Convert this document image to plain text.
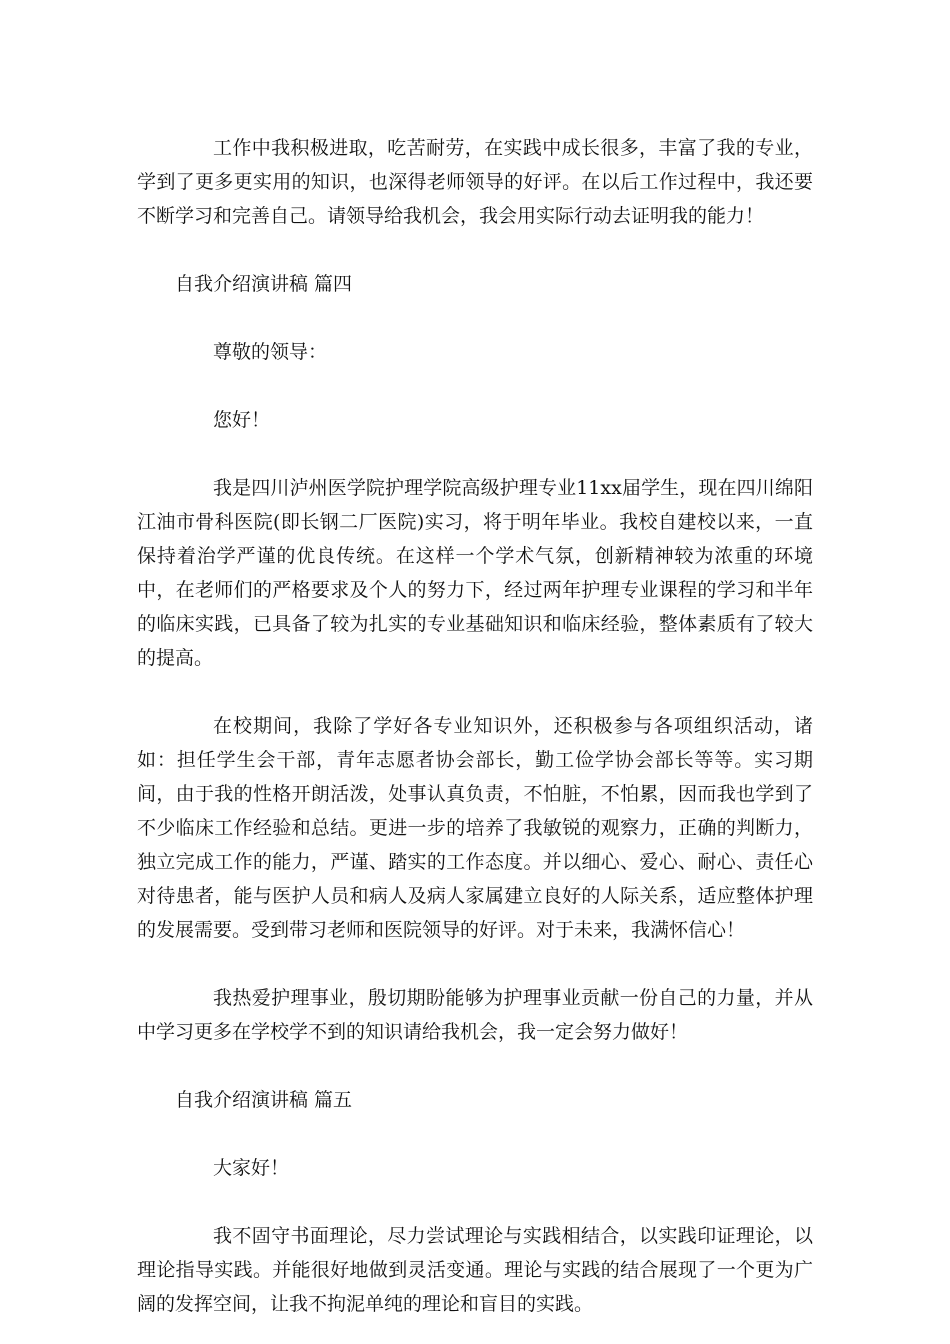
工作中我积极进取，吃苦耐劳，在实践中成长很多，丰富了我的专业，学到了更多更实用的知识，也深得老师领导的好评。在以后工作过程中，我还要不断学习和完善自己。请领导给我机会，我会用实际行动去证明我的能力！

自我介绍演讲稿 篇四

尊敬的领导：

您好！

我是四川泸州医学院护理学院高级护理专业11xx届学生，现在四川绵阳江油市骨科医院(即长钢二厂医院)实习，将于明年毕业。我校自建校以来，一直保持着治学严谨的优良传统。在这样一个学术气氛，创新精神较为浓重的环境中，在老师们的严格要求及个人的努力下，经过两年护理专业课程的学习和半年的临床实践，已具备了较为扎实的专业基础知识和临床经验，整体素质有了较大的提高。

在校期间，我除了学好各专业知识外，还积极参与各项组织活动，诸如：担任学生会干部，青年志愿者协会部长，勤工俭学协会部长等等。实习期间，由于我的性格开朗活泼，处事认真负责，不怕脏，不怕累，因而我也学到了不少临床工作经验和总结。更进一步的培养了我敏锐的观察力，正确的判断力，独立完成工作的能力，严谨、踏实的工作态度。并以细心、爱心、耐心、责任心对待患者，能与医护人员和病人及病人家属建立良好的人际关系，适应整体护理的发展需要。受到带习老师和医院领导的好评。对于未来，我满怀信心！

我热爱护理事业，殷切期盼能够为护理事业贡献一份自己的力量，并从中学习更多在学校学不到的知识请给我机会，我一定会努力做好！

自我介绍演讲稿 篇五

大家好！

我不固守书面理论，尽力尝试理论与实践相结合，以实践印证理论，以理论指导实践。并能很好地做到灵活变通。理论与实践的结合展现了一个更为广阔的发挥空间，让我不拘泥单纯的理论和盲目的实践。
